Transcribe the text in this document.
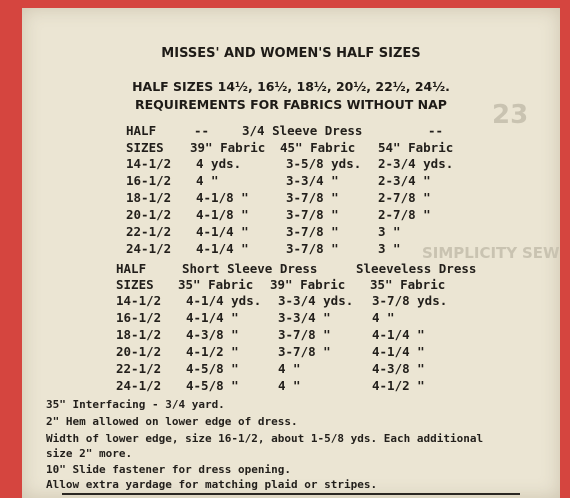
23
SIMPLICITY SEW
MISSES' AND WOMEN'S HALF SIZES
HALF SIZES 14½, 16½, 18½, 20½, 22½, 24½.
REQUIREMENTS FOR FABRICS WITHOUT NAP
HALF	--	3/4 Sleeve Dress	--
SIZES 39" Fabric 45" Fabric 54" Fabric
14-1/2 4 yds.	3-5/8 yds. 2-3/4 yds.
16-1/2 4 "	3-3/4 "	2-3/4 "
18-1/2 4-1/8 "	3-7/8 "	2-7/8 "
20-1/2 4-1/8 "	3-7/8 "	2-7/8 "
22-1/2 4-1/4 "	3-7/8 "	3 "
24-1/2 4-1/4 "	3-7/8 "	3 "
HALF	Short Sleeve Dress	Sleeveless Dress
SIZES 35" Fabric 39" Fabric 35" Fabric
14-1/2 4-1/4 yds. 3-3/4 yds. 3-7/8 yds.
16-1/2 4-1/4 "	3-3/4 "	4 "
18-1/2 4-3/8 "	3-7/8 "	4-1/4 "
20-1/2 4-1/2 "	3-7/8 "	4-1/4 "
22-1/2 4-5/8 "	4 "	4-3/8 "
24-1/2 4-5/8 "	4 "	4-1/2 "
35" Interfacing - 3/4 yard.
2" Hem allowed on lower edge of dress.
Width of lower edge, size 16-1/2, about 1-5/8 yds. Each additional
size 2" more.
10" Slide fastener for dress opening.
Allow extra yardage for matching plaid or stripes.
